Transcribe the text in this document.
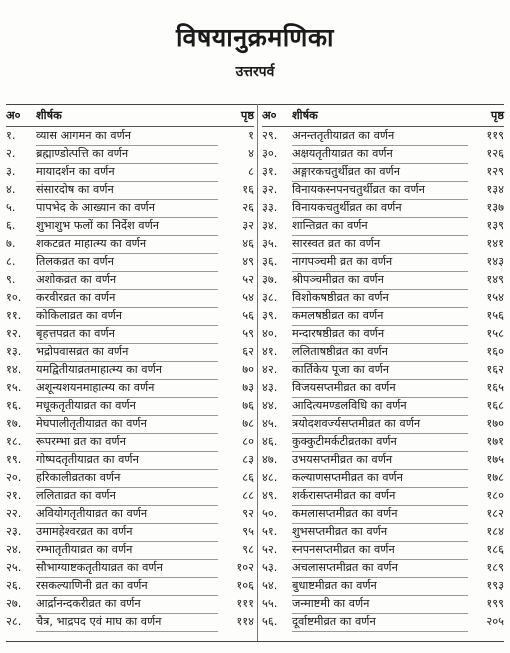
विषयानुक्रमणिका
उत्तरपर्व
अ०	शीर्षक	पृष्ठ
१.	व्यास आगमन का वर्णन	१
२.	ब्रह्माण्डोत्पत्ति का वर्णन	४
३.	मायादर्शन का वर्णन	८
४.	संसारदोष का वर्णन	१६
५.	पापभेद के आख्यान का वर्णन	२६
६.	शुभाशुभ फलों का निर्देश वर्णन	३२
७.	शकटव्रत माहात्म्य का वर्णन	४६
८.	तिलकव्रत का वर्णन	४९
९.	अशोकव्रत का वर्णन	५२
१०.	करवीरव्रत का वर्णन	५४
११.	कोकिलाव्रत का वर्णन	५६
१२.	बृहत्तपव्रत का वर्णन	५९
१३.	भद्रोपवासव्रत का वर्णन	६२
१४.	यमद्वितीयाव्रतमाहात्म्य का वर्णन	७०
१५.	अशून्यशयनमाहात्म्य का वर्णन	७३
१६.	मधूकतृतीयाव्रत का वर्णन	७६
१७.	मेघपालीतृतीयाव्रत का वर्णन	७८
१८.	रूपरम्भा व्रत का वर्णन	८०
१९.	गोष्पदतृतीयाव्रत का वर्णन	८३
२०.	हरिकालीव्रतका वर्णन	८६
२१.	ललिताव्रत का वर्णन	८८
२२.	अवियोगतृतीयाव्रत का वर्णन	९२
२३.	उमामहेश्वरव्रत का वर्णन	९५
२४.	रम्भातृतीयाव्रत का वर्णन	९८
२५.	सौभाग्याष्टकतृतीयाव्रत का वर्णन	१०२
२६.	रसकल्याणिनी व्रत का वर्णन	१०६
२७.	आर्द्रानन्दकरीव्रत का वर्णन	१११
२८.	चैत्र, भाद्रपद एवं माघ का वर्णन	११४
अ०	शीर्षक	पृष्ठ
२९.	अनन्ततृतीयाव्रत का वर्णन	११९
३०.	अक्षयतृतीयाव्रत का वर्णन	१२६
३१.	अङ्गारकचतुर्थीव्रत का वर्णन	१२९
३२.	विनायकस्नपनचतुर्थीव्रत का वर्णन	१३४
३३.	विनायकचतुर्थीव्रत का वर्णन	१३७
३४.	शान्तिव्रत का वर्णन	१३९
३५.	सारस्वत व्रत का वर्णन	१४१
३६.	नागपञ्चमी व्रत का वर्णन	१४३
३७.	श्रीपञ्चमीव्रत का वर्णन	१४९
३८.	विशोकषष्ठीव्रत का वर्णन	१५४
३९.	कमलषष्ठीव्रत का वर्णन	१५६
४०.	मन्दारषष्ठीव्रत का वर्णन	१५८
४१.	ललिताषष्ठीव्रत का वर्णन	१६०
४२.	कार्तिकेय पूजा का वर्णन	१६२
४३.	विजयसप्तमीव्रत का वर्णन	१६५
४४.	आदित्यमण्डलविधि का वर्णन	१६८
४५.	त्रयोदशवर्ज्यसप्तमीव्रत का वर्णन	१७०
४६.	कुक्कुटीमर्कटीव्रतका वर्णन	१७१
४७.	उभयसप्तमीव्रत का वर्णन	१७५
४८.	कल्याणसप्तमीव्रत का वर्णन	१७८
४९.	शर्करासप्तमीव्रत का वर्णन	१८०
५०.	कमलासप्तमीव्रत का वर्णन	१८२
५१.	शुभसप्तमीव्रत का वर्णन	१८४
५२.	स्नपनसप्तमीव्रत का वर्णन	१८६
५३.	अचलासप्तमीव्रत का वर्णन	१८९
५४.	बुधाष्टमीव्रत का वर्णन	१९३
५५.	जन्माष्टमी का वर्णन	१९९
५६.	दूर्वाष्टमीव्रत का वर्णन	२०५
